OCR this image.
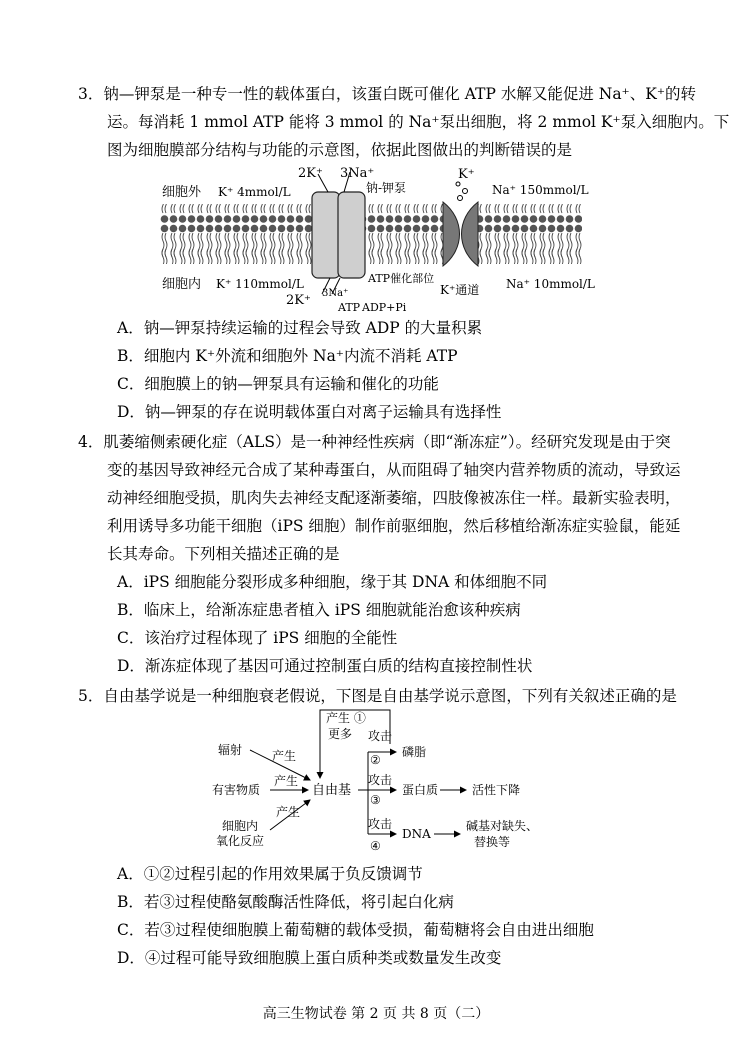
3．钠—钾泵是一种专一性的载体蛋白，该蛋白既可催化 ATP 水解又能促进 Na⁺、K⁺的转
运。每消耗 1 mmol ATP 能将 3 mmol 的 Na⁺泵出细胞，将 2 mmol K⁺泵入细胞内。下
图为细胞膜部分结构与功能的示意图，依据此图做出的判断错误的是
细胞外 K⁺ 4mmol/L
细胞内 K⁺ 110mmol/L
2K⁺ 3Na⁺
钠-钾泵
K⁺
Na⁺ 150mmol/L
ATP催化部位
2K⁺ 3Na⁺
ATP ADP+Pi
K⁺通道 Na⁺ 10mmol/L
A．钠—钾泵持续运输的过程会导致 ADP 的大量积累
B．细胞内 K⁺外流和细胞外 Na⁺内流不消耗 ATP
C．细胞膜上的钠—钾泵具有运输和催化的功能
D．钠—钾泵的存在说明载体蛋白对离子运输具有选择性
4．肌萎缩侧索硬化症（ALS）是一种神经性疾病（即“渐冻症”）。经研究发现是由于突
变的基因导致神经元合成了某种毒蛋白，从而阻碍了轴突内营养物质的流动，导致运
动神经细胞受损，肌肉失去神经支配逐渐萎缩，四肢像被冻住一样。最新实验表明，
利用诱导多功能干细胞（iPS 细胞）制作前驱细胞，然后移植给渐冻症实验鼠，能延
长其寿命。下列相关描述正确的是
A．iPS 细胞能分裂形成多种细胞，缘于其 DNA 和体细胞不同
B．临床上，给渐冻症患者植入 iPS 细胞就能治愈该种疾病
C．该治疗过程体现了 iPS 细胞的全能性
D．渐冻症体现了基因可通过控制蛋白质的结构直接控制性状
5．自由基学说是一种细胞衰老假说，下图是自由基学说示意图，下列有关叙述正确的是
产生 ①
更多
辐射 产生
有害物质
产生
细胞内
氧化反应
产生
自由基
攻击
②
磷脂
攻击
③
蛋白质	活性下降
攻击
④
DNA
碱基对缺失、
替换等
A．①②过程引起的作用效果属于负反馈调节
B．若③过程使酪氨酸酶活性降低，将引起白化病
C．若③过程使细胞膜上葡萄糖的载体受损，葡萄糖将会自由进出细胞
D．④过程可能导致细胞膜上蛋白质种类或数量发生改变
高三生物试卷 第 2 页 共 8 页（二）
